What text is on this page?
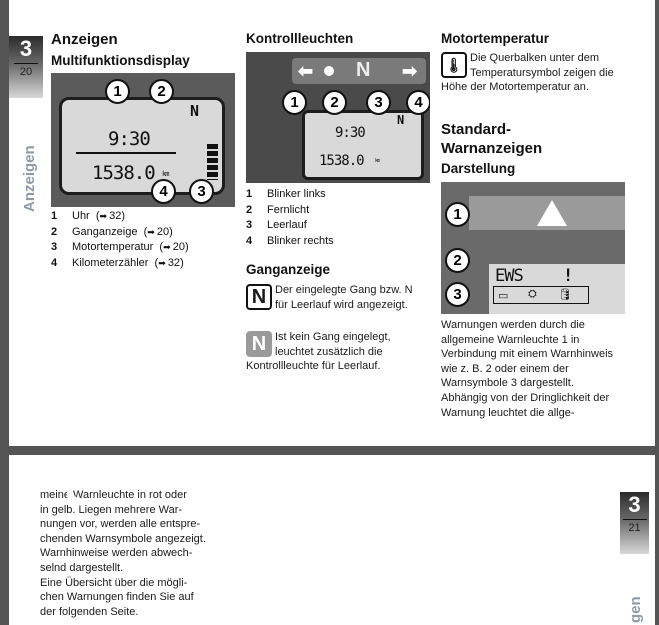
3
20
Anzeigen
Anzeigen
Multifunktionsdisplay
9:30
1538.0 km
N
1	2
3
4
1 Uhr  (➡ 32)
2 Ganganzeige  (➡ 20)
3 Motortemperatur  (➡ 20)
4 Kilometerzähler  (➡ 32)
Kontrollleuchten
⬅ N ➡
9:30
1538.0 km
N
1	2	3	4
1 Blinker links
2 Fernlicht
3 Leerlauf
4 Blinker rechts
Ganganzeige
N Der eingelegte Gang bzw. N für Leerlauf wird angezeigt.
N Ist kein Gang eingelegt, leuchtet zusätzlich die Kontrollleuchte für Leerlauf.
Motortemperatur
🌡 Die Querbalken unter dem Temperatursymbol zeigen die Höhe der Motortemperatur an.
Standard-Warnanzeigen
Darstellung
EWS !
▭ ⛭ 🛢
1
2
3
Warnungen werden durch die allgemeine Warnleuchte 1 in Verbindung mit einem Warnhinweis wie z. B. 2 oder einem der Warnsymbole 3 dargestellt. Abhängig von der Dringlichkeit der Warnung leuchtet die allge-
meine Warnleuchte in rot oder
in gelb. Liegen mehrere War-
nungen vor, werden alle entspre-
chenden Warnsymbole angezeigt.
Warnhinweise werden abwech-
selnd dargestellt.
Eine Übersicht über die mögli-
chen Warnungen finden Sie auf
der folgenden Seite.
3
21
gen
